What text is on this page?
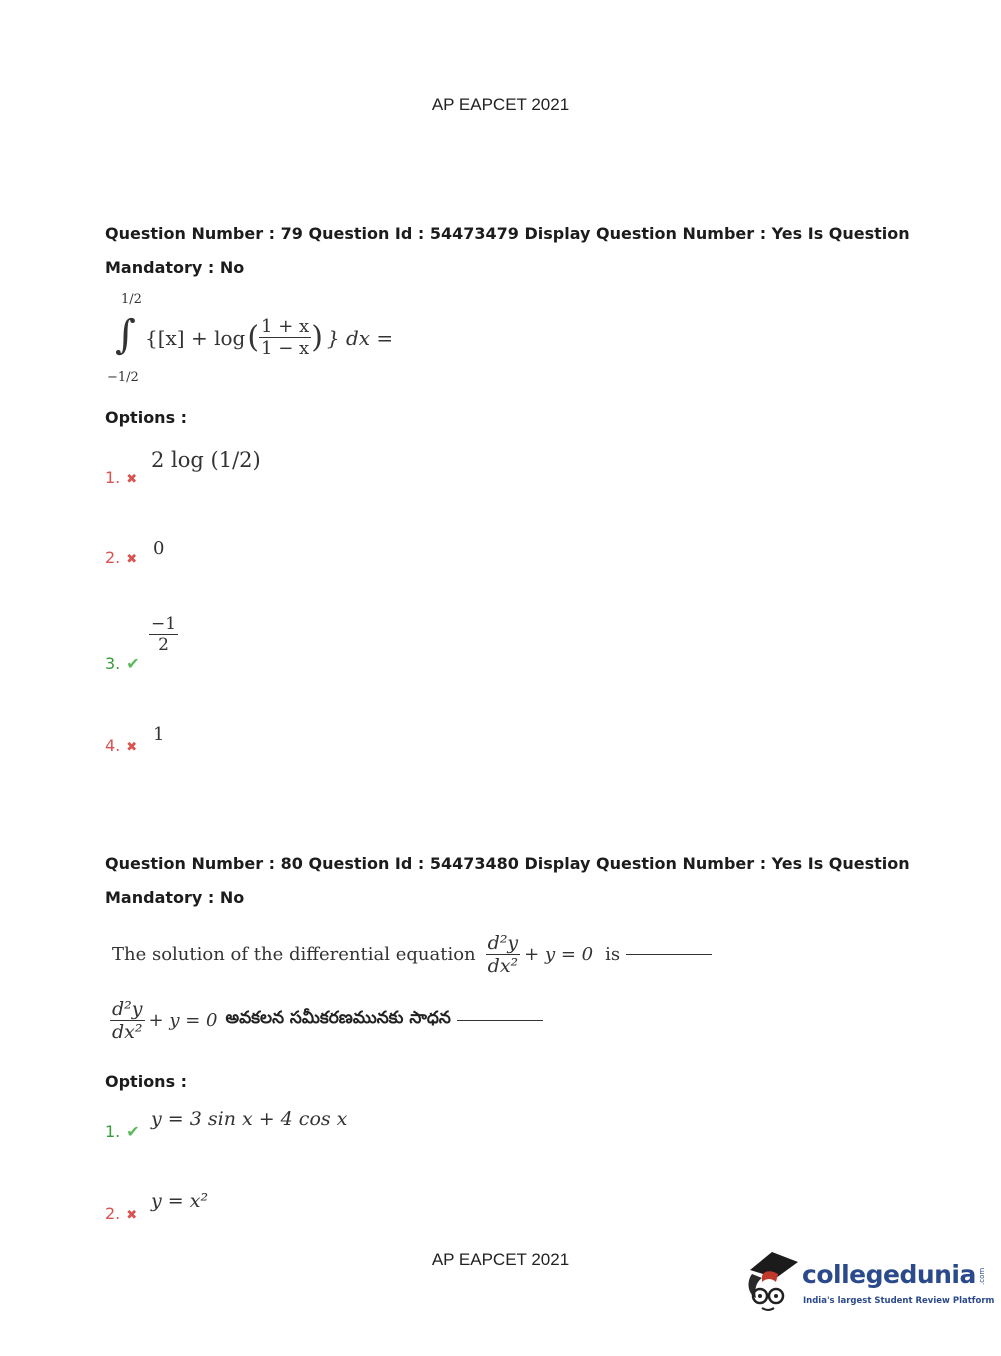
AP EAPCET 2021
Question Number : 79 Question Id : 54473479 Display Question Number : Yes Is Question
Mandatory : No
1/2
∫
−1/2
{[x] + log ( $\frac{1 + x}{1 - x}$ ) } dx =
Options :
1. ✖
2 log (1/2)
2. ✖
0
3. ✔
−1
2
4. ✖
1
Question Number : 80 Question Id : 54473480 Display Question Number : Yes Is Question
Mandatory : No
The solution of the differential equation $\frac{\text{d²y}}{\text{dx²}} + y = 0$ is
$\frac{\text{d²y}}{\text{dx²}} + y = 0$ అవకలన సమీకరణమునకు సాధన
Options :
1. ✔
y = 3 sin x + 4 cos x
2. ✖
y = x²
AP EAPCET 2021
collegedunia .com
India's largest Student Review Platform
